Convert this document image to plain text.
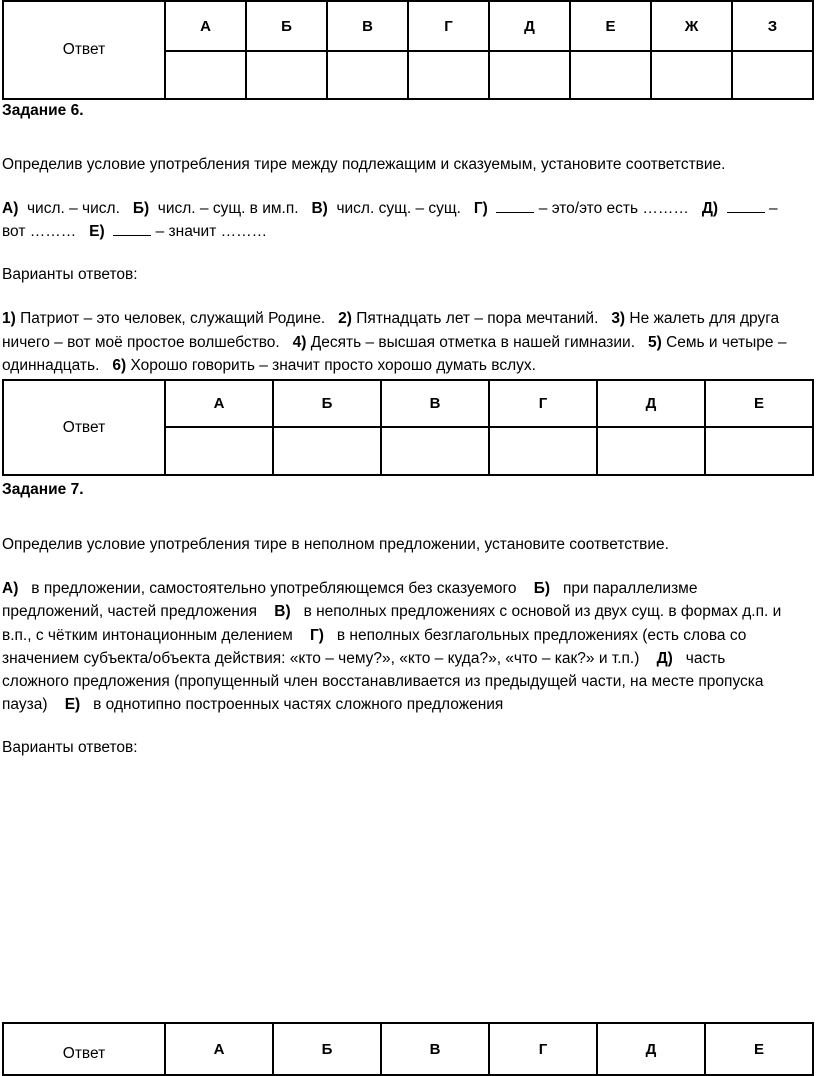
Ответ	А	Б	В	Г	Д	Е	Ж	З

Задание 6.

Определив условие употребления тире между подлежащим и сказуемым, установите соответствие.

А) числ. – числ. Б) числ. – сущ. в им.п. В) числ. сущ. – сущ. Г)	– это/это есть ……… Д)	–

вот ……… Е)	– значит ………

Варианты ответов:

1) Патриот – это человек, служащий Родине. 2) Пятнадцать лет – пора мечтаний. 3) Не жалеть для друга

ничего – вот моё простое волшебство. 4) Десять – высшая отметка в нашей гимназии. 5) Семь и четыре –

одиннадцать. 6) Хорошо говорить – значит просто хорошо думать вслух.

Ответ	А	Б	В	Г	Д	Е

Задание 7.

Определив условие употребления тире в неполном предложении, установите соответствие.

А) в предложении, самостоятельно употребляющемся без сказуемого Б) при параллелизме

предложений, частей предложения В) в неполных предложениях с основой из двух сущ. в формах д.п. и

в.п., с чётким интонационным делением Г) в неполных безглагольных предложениях (есть слова со

значением субъекта/объекта действия: «кто – чему?», «кто – куда?», «что – как?» и т.п.) Д) часть

сложного предложения (пропущенный член восстанавливается из предыдущей части, на месте пропуска

пауза) Е) в однотипно построенных частях сложного предложения

Варианты ответов:

Ответ	А	Б	В	Г	Д	Е
